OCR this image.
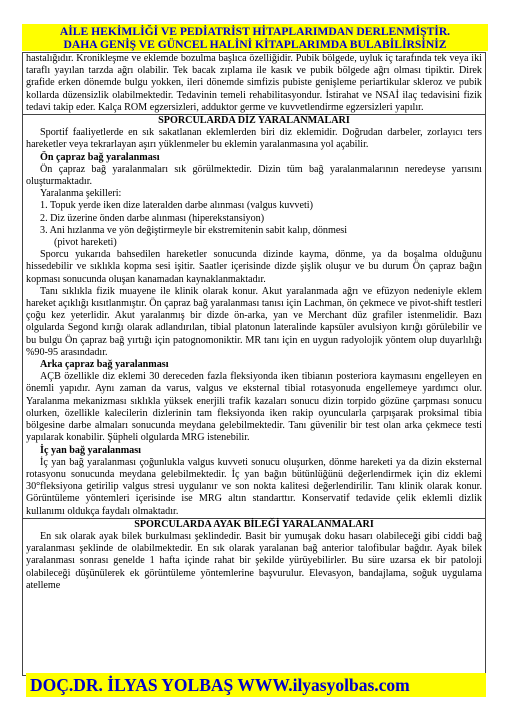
AİLE HEKİMLİĞİ VE PEDİATRİST HİTAPLARIMDAN DERLENMİŞTİR.
DAHA GENİŞ VE GÜNCEL HALİNİ KİTAPLARIMDA BULABİLİRSİNİZ

hastalığıdır. Kronikleşme ve eklemde bozulma başlıca özelliğidir. Pubik bölgede, uyluk iç tarafında tek veya iki taraflı yayılan tarzda ağrı olabilir. Tek bacak zıplama ile kasık ve pubik bölgede ağrı olması tipiktir. Direk grafide erken dönemde bulgu yokken, ileri dönemde simfizis pubiste genişleme periartikular skleroz ve pubik kollarda düzensizlik olabilmektedir. Tedavinin temeli rehabilitasyondur. İstirahat ve NSAİ ilaç tedavisini fizik tedavi takip eder. Kalça ROM egzersizleri, adduktor germe ve kuvvetlendirme egzersizleri yapılır.

SPORCULARDA DİZ YARALANMALARI

Sportif faaliyetlerde en sık sakatlanan eklemlerden biri diz eklemidir. Doğrudan darbeler, zorlayıcı ters hareketler veya tekrarlayan aşırı yüklenmeler bu eklemin yaralanmasına yol açabilir.

Ön çapraz bağ yaralanması

Ön çapraz bağ yaralanmaları sık görülmektedir. Dizin tüm bağ yaralanmalarının neredeyse yarısını oluşturmaktadır.

Yaralanma şekilleri:

1. Topuk yerde iken dize lateralden darbe alınması (valgus kuvveti)

2. Diz üzerine önden darbe alınması (hiperekstansiyon)

3. Ani hızlanma ve yön değiştirmeyle bir ekstremitenin sabit kalıp, dönmesi

(pivot hareketi)

Sporcu yukarıda bahsedilen hareketler sonucunda dizinde kayma, dönme, ya da boşalma olduğunu hissedebilir ve sıklıkla kopma sesi işitir. Saatler içerisinde dizde şişlik oluşur ve bu durum Ön çapraz bağın kopması sonucunda oluşan kanamadan kaynaklanmaktadır.

Tanı sıklıkla fizik muayene ile klinik olarak konur. Akut yaralanmada ağrı ve efüzyon nedeniyle eklem hareket açıklığı kısıtlanmıştır. Ön çapraz bağ yaralanması tanısı için Lachman, ön çekmece ve pivot-shift testleri çoğu kez yeterlidir. Akut yaralanmış bir dizde ön-arka, yan ve Merchant düz grafiler istenmelidir. Bazı olgularda Segond kırığı olarak adlandırılan, tibial platonun lateralinde kapsüler avulsiyon kırığı görülebilir ve bu bulgu Ön çapraz bağ yırtığı için patognomoniktir. MR tanı için en uygun radyolojik yöntem olup duyarlılığı %90-95 arasındadır.

Arka çapraz bağ yaralanması

AÇB özellikle diz eklemi 30 dereceden fazla fleksiyonda iken tibianın posteriora kaymasını engelleyen en önemli yapıdır. Aynı zaman da varus, valgus ve eksternal tibial rotasyonuda engellemeye yardımcı olur. Yaralanma mekanizması sıklıkla yüksek enerjili trafik kazaları sonucu dizin torpido gözüne çarpması sonucu olurken, özellikle kalecilerin dizlerinin tam fleksiyonda iken rakip oyuncularla çarpışarak proksimal tibia bölgesine darbe almaları sonucunda meydana gelebilmektedir. Tanı güvenilir bir test olan arka çekmece testi yapılarak konabilir. Şüpheli olgularda MRG istenebilir.

İç yan bağ yaralanması

İç yan bağ yaralanması çoğunlukla valgus kuvveti sonucu oluşurken, dönme hareketi ya da dizin eksternal rotasyonu sonucunda meydana gelebilmektedir. İç yan bağın bütünlüğünü değerlendirmek için diz eklemi 30°fleksiyona getirilip valgus stresi uygulanır ve son nokta kalitesi değerlendirilir. Tanı klinik olarak konur. Görüntüleme yöntemleri içerisinde ise MRG altın standarttır. Konservatif tedavide çelik eklemli dizlik kullanımı oldukça faydalı olmaktadır.

SPORCULARDA AYAK BİLEĞİ YARALANMALARI

En sık olarak ayak bilek burkulması şeklindedir. Basit bir yumuşak doku hasarı olabileceği gibi ciddi bağ yaralanması şeklinde de olabilmektedir. En sık olarak yaralanan bağ anterior talofibular bağdır. Ayak bilek yaralanması sonrası genelde 1 hafta içinde rahat bir şekilde yürüyebilirler. Bu süre uzarsa ek bir patoloji olabileceği düşünülerek ek görüntüleme yöntemlerine başvurulur. Elevasyon, bandajlama, soğuk uygulama atelleme

DOÇ.DR. İLYAS YOLBAŞ WWW.ilyasyolbas.com
